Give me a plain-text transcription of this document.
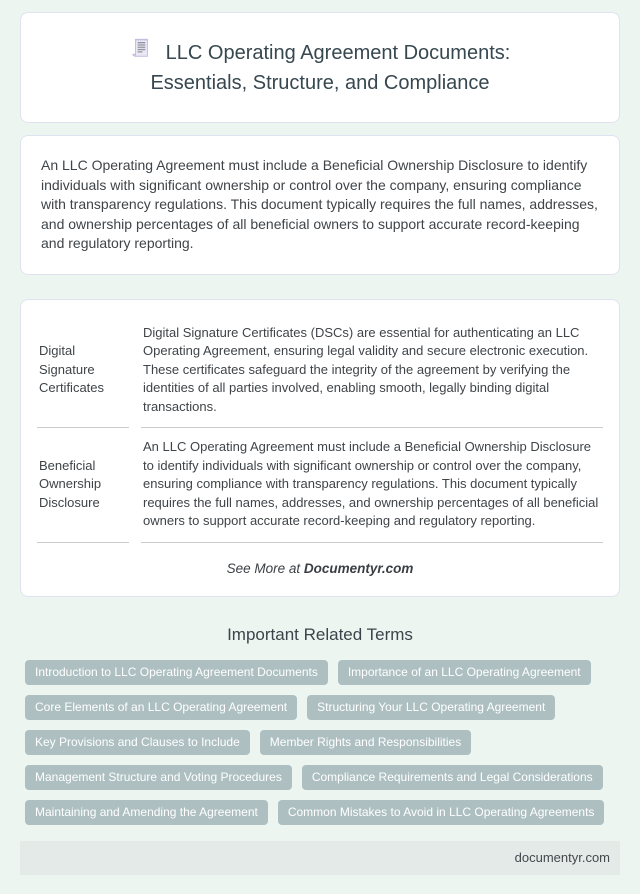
LLC Operating Agreement Documents:
Essentials, Structure, and Compliance

An LLC Operating Agreement must include a Beneficial Ownership Disclosure to identify individuals with significant ownership or control over the company, ensuring compliance with transparency regulations. This document typically requires the full names, addresses, and ownership percentages of all beneficial owners to support accurate record-keeping and regulatory reporting.

Digital Signature Certificates	Digital Signature Certificates (DSCs) are essential for authenticating an LLC Operating Agreement, ensuring legal validity and secure electronic execution. These certificates safeguard the integrity of the agreement by verifying the identities of all parties involved, enabling smooth, legally binding digital transactions.
Beneficial Ownership Disclosure	An LLC Operating Agreement must include a Beneficial Ownership Disclosure to identify individuals with significant ownership or control over the company, ensuring compliance with transparency regulations. This document typically requires the full names, addresses, and ownership percentages of all beneficial owners to support accurate record-keeping and regulatory reporting.

See More at Documentyr.com

Important Related Terms
Introduction to LLC Operating Agreement Documents	Importance of an LLC Operating Agreement
Core Elements of an LLC Operating Agreement	Structuring Your LLC Operating Agreement
Key Provisions and Clauses to Include	Member Rights and Responsibilities
Management Structure and Voting Procedures	Compliance Requirements and Legal Considerations
Maintaining and Amending the Agreement	Common Mistakes to Avoid in LLC Operating Agreements
documentyr.com
